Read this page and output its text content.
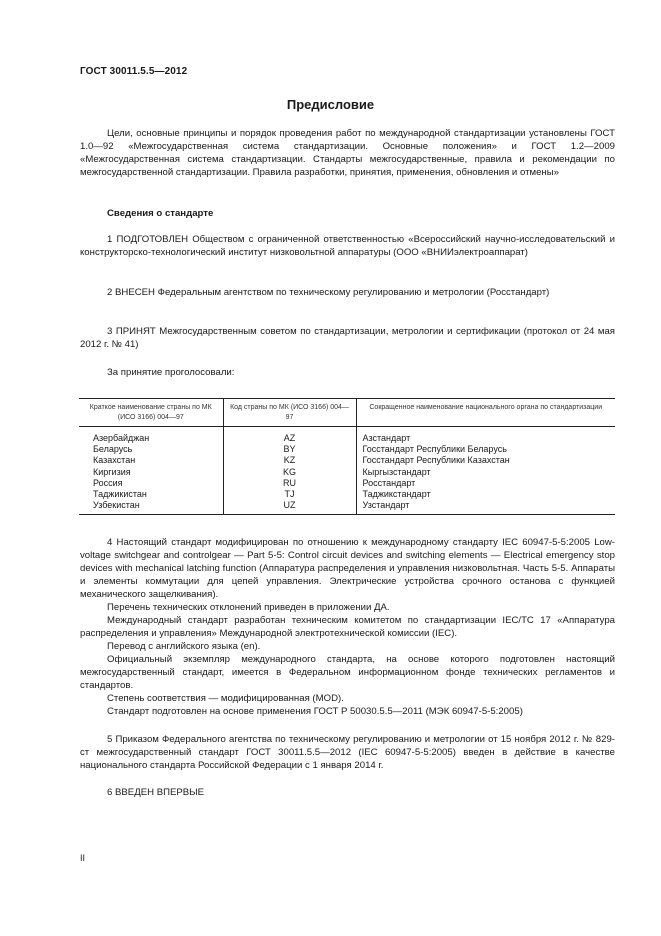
ГОСТ 30011.5.5—2012
Предисловие

Цели, основные принципы и порядок проведения работ по международной стандартизации установлены ГОСТ 1.0—92 «Межгосударственная система стандартизации. Основные положения» и ГОСТ 1.2—2009 «Межгосударственная система стандартизации. Стандарты межгосударственные, правила и рекомендации по межгосударственной стандартизации. Правила разработки, принятия, применения, обновления и отмены»

Сведения о стандарте

1 ПОДГОТОВЛЕН Обществом с ограниченной ответственностью «Всероссийский научно-исследовательский и конструкторско-технологический институт низковольтной аппаратуры (ООО «ВНИИэлектроаппарат)

2 ВНЕСЕН Федеральным агентством по техническому регулированию и метрологии (Росстандарт)

3 ПРИНЯТ Межгосударственным советом по стандартизации, метрологии и сертификации (протокол от 24 мая 2012 г. № 41)

За принятие проголосовали:

Краткое наименование страны по МК (ИСО 3166) 004—97	Код страны по МК (ИСО 3166) 004—97	Сокращенное наименование национального органа по стандартизации
Азербайджан	AZ	Азстандарт
Беларусь	BY	Госстандарт Республики Беларусь
Казахстан	KZ	Госстандарт Республики Казахстан
Киргизия	KG	Кыргызстандарт
Россия	RU	Росстандарт
Таджикистан	TJ	Таджикстандарт
Узбекистан	UZ	Узстандарт

4 Настоящий стандарт модифицирован по отношению к международному стандарту IEC 60947-5-5:2005 Low-voltage switchgear and controlgear — Part 5-5: Control circuit devices and switching elements — Electrical emergency stop devices with mechanical latching function (Аппаратура распределения и управления низковольтная. Часть 5-5. Аппараты и элементы коммутации для цепей управления. Электрические устройства срочного останова с функцией механического защелкивания).

Перечень технических отклонений приведен в приложении ДА.

Международный стандарт разработан техническим комитетом по стандартизации IEC/TC 17 «Аппаратура распределения и управления» Международной электротехнической комиссии (IEC).

Перевод с английского языка (en).

Официальный экземпляр международного стандарта, на основе которого подготовлен настоящий межгосударственный стандарт, имеется в Федеральном информационном фонде технических регламентов и стандартов.

Степень соответствия — модифицированная (MOD).

Стандарт подготовлен на основе применения ГОСТ Р 50030.5.5—2011 (МЭК 60947-5-5:2005)

5 Приказом Федерального агентства по техническому регулированию и метрологии от 15 ноября 2012 г. № 829-ст межгосударственный стандарт ГОСТ 30011.5.5—2012 (IEC 60947-5-5:2005) введен в действие в качестве национального стандарта Российской Федерации с 1 января 2014 г.

6 ВВЕДЕН ВПЕРВЫЕ

II
